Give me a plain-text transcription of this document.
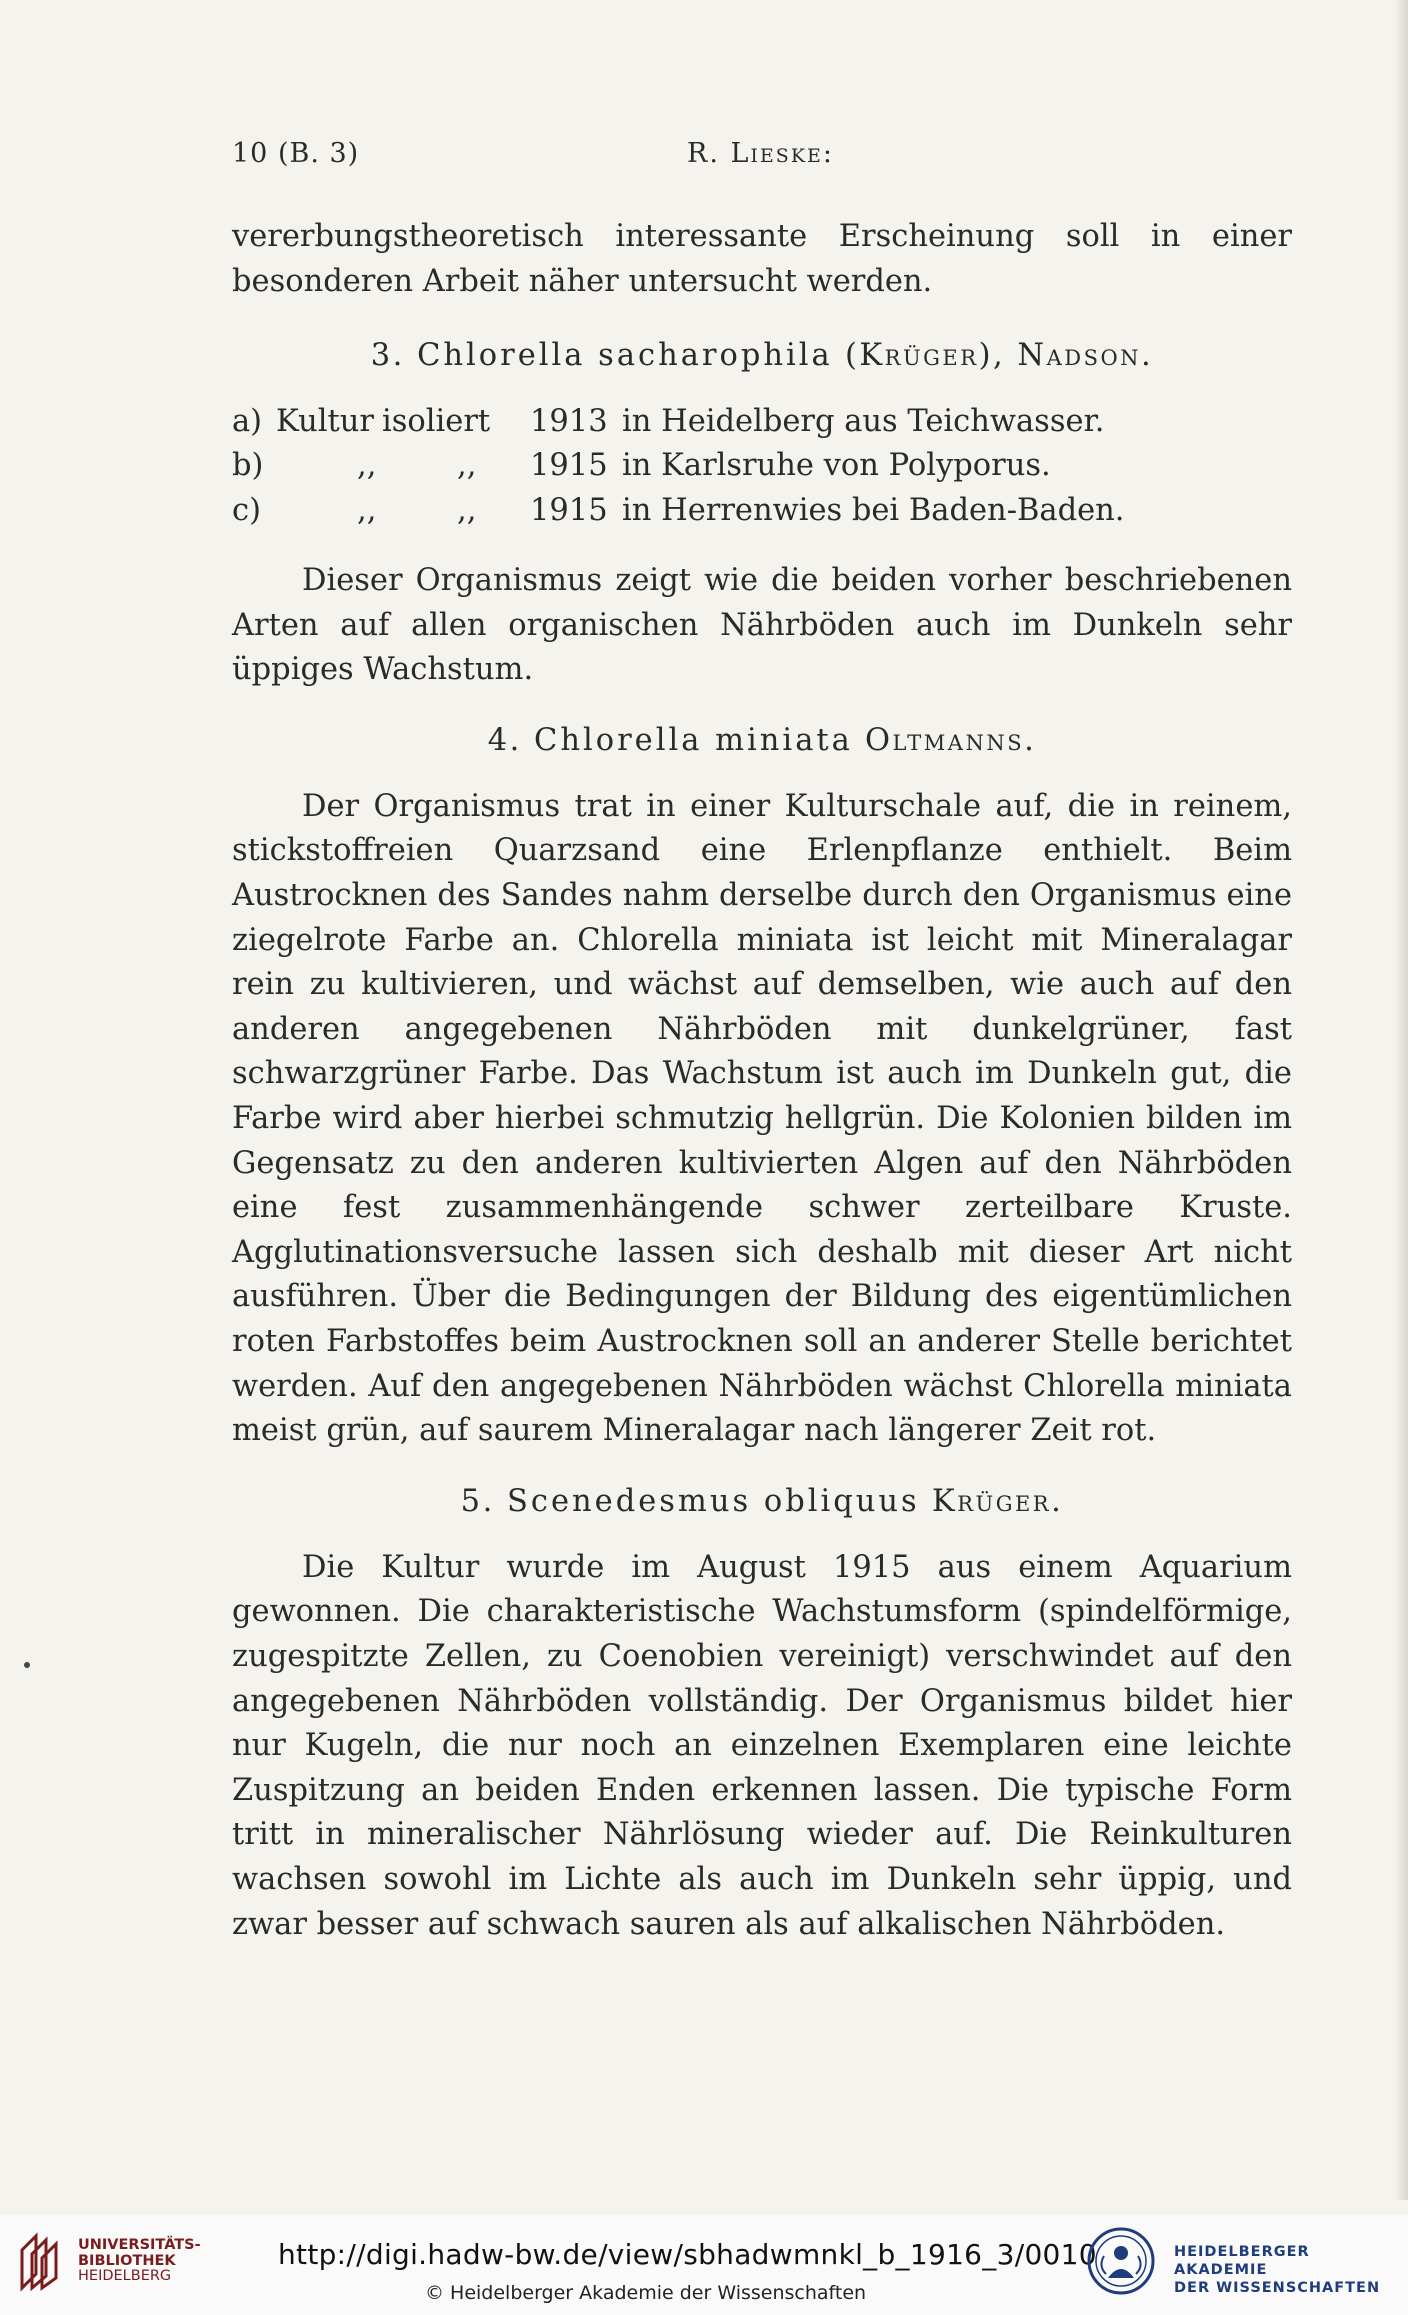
10 (B. 3)	R. Lieske:

vererbungstheoretisch interessante Erscheinung soll in einer besonderen Arbeit näher untersucht werden.

3. Chlorella sacharophila (Krüger), Nadson.
a) Kultur isoliert 1913 in Heidelberg aus Teichwasser.
b)	,,	,, 1915 in Karlsruhe von Polyporus.
c)	,,	,, 1915 in Herrenwies bei Baden-Baden.

Dieser Organismus zeigt wie die beiden vorher beschriebenen Arten auf allen organischen Nährböden auch im Dunkeln sehr üppiges Wachstum.

4. Chlorella miniata Oltmanns.

Der Organismus trat in einer Kulturschale auf, die in reinem, stickstoffreien Quarzsand eine Erlenpflanze enthielt. Beim Austrocknen des Sandes nahm derselbe durch den Organismus eine ziegelrote Farbe an. Chlorella miniata ist leicht mit Mineralagar rein zu kultivieren, und wächst auf demselben, wie auch auf den anderen angegebenen Nährböden mit dunkelgrüner, fast schwarzgrüner Farbe. Das Wachstum ist auch im Dunkeln gut, die Farbe wird aber hierbei schmutzig hellgrün. Die Kolonien bilden im Gegensatz zu den anderen kultivierten Algen auf den Nährböden eine fest zusammenhängende schwer zerteilbare Kruste. Agglutinationsversuche lassen sich deshalb mit dieser Art nicht ausführen. Über die Bedingungen der Bildung des eigentümlichen roten Farbstoffes beim Austrocknen soll an anderer Stelle berichtet werden. Auf den angegebenen Nährböden wächst Chlorella miniata meist grün, auf saurem Mineralagar nach längerer Zeit rot.

5. Scenedesmus obliquus Krüger.

Die Kultur wurde im August 1915 aus einem Aquarium gewonnen. Die charakteristische Wachstumsform (spindelförmige, zugespitzte Zellen, zu Coenobien vereinigt) verschwindet auf den angegebenen Nährböden vollständig. Der Organismus bildet hier nur Kugeln, die nur noch an einzelnen Exemplaren eine leichte Zuspitzung an beiden Enden erkennen lassen. Die typische Form tritt in mineralischer Nährlösung wieder auf. Die Reinkulturen wachsen sowohl im Lichte als auch im Dunkeln sehr üppig, und zwar besser auf schwach sauren als auf alkalischen Nährböden.

UNIVERSITÄTS-
BIBLIOTHEK
HEIDELBERG
http://digi.hadw-bw.de/view/sbhadwmnkl_b_1916_3/0010
© Heidelberger Akademie der Wissenschaften
HEIDELBERGER AKADEMIE
DER WISSENSCHAFTEN
